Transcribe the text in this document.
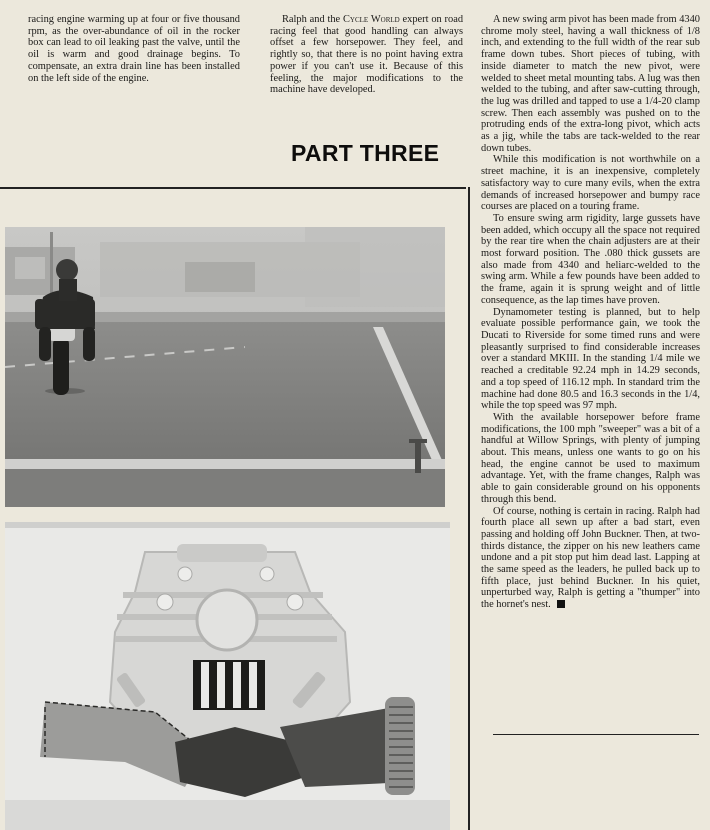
racing engine warming up at four or five thousand rpm, as the over-abundance of oil in the rocker box can lead to oil leaking past the valve, until the oil is warm and good drainage begins. To compensate, an extra drain line has been installed on the left side of the engine.

Ralph and the Cycle World expert on road racing feel that good handling can always offset a few horsepower. They feel, and rightly so, that there is no point having extra power if you can't use it. Because of this feeling, the major modifications to the machine have developed.

PART THREE

A new swing arm pivot has been made from 4340 chrome moly steel, having a wall thickness of 1/8 inch, and extending to the full width of the rear sub frame down tubes. Short pieces of tubing, with inside diameter to match the new pivot, were welded to sheet metal mounting tabs. A lug was then welded to the tubing, and after saw-cutting through, the lug was drilled and tapped to use a 1/4-20 clamp screw. Then each assembly was pushed on to the protruding ends of the extra-long pivot, which acts as a jig, while the tabs are tack-welded to the rear down tubes.

While this modification is not worthwhile on a street machine, it is an inexpensive, completely satisfactory way to cure many evils, when the extra demands of increased horsepower and bumpy race courses are placed on a touring frame.

To ensure swing arm rigidity, large gussets have been added, which occupy all the space not required by the rear tire when the chain adjusters are at their most forward position. The .080 thick gussets are also made from 4340 and heliarc-welded to the swing arm. While a few pounds have been added to the frame, again it is sprung weight and of little consequence, as the lap times have proven.

Dynamometer testing is planned, but to help evaluate possible performance gain, we took the Ducati to Riverside for some timed runs and were pleasantly surprised to find considerable increases over a standard MKIII. In the standing 1/4 mile we reached a creditable 92.24 mph in 14.29 seconds, and a top speed of 116.12 mph. In standard trim the machine had done 80.5 and 16.3 seconds in the 1/4, while the top speed was 97 mph.

With the available horsepower before frame modifications, the 100 mph "sweeper" was a bit of a handful at Willow Springs, with plenty of jumping about. This means, unless one wants to go on his head, the engine cannot be used to maximum advantage. Yet, with the frame changes, Ralph was able to gain considerable ground on his opponents through this bend.

Of course, nothing is certain in racing. Ralph had fourth place all sewn up after a bad start, even passing and holding off John Buckner. Then, at two-thirds distance, the zipper on his new leathers came undone and a pit stop put him dead last. Lapping at the same speed as the leaders, he pulled back up to fifth place, just behind Buckner. In his quiet, unperturbed way, Ralph is getting a "thumper" into the hornet's nest.
